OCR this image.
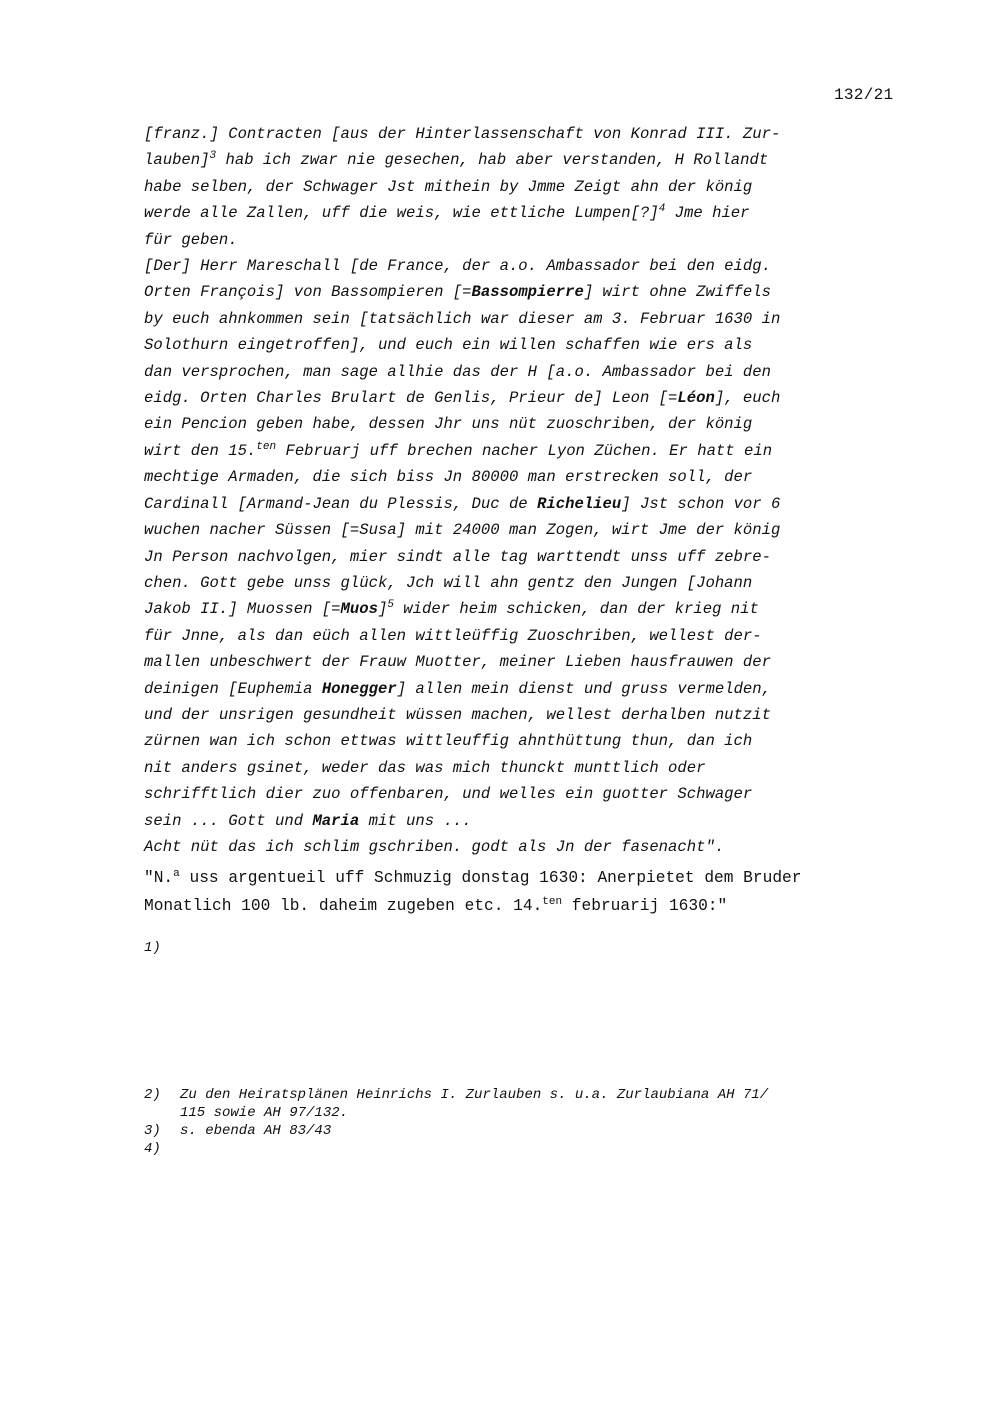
132/21
[franz.] Contracten [aus der Hinterlassenschaft von Konrad III. Zur-
lauben]$^3$ hab ich zwar nie gesechen, hab aber verstanden, H Rollandt
habe selben, der Schwager Jst mithein by Jmme Zeigt ahn der könig
werde alle Zallen, uff die weis, wie ettliche Lumpen[?]$^4$ Jme hier
für geben.
[Der] Herr Mareschall [de France, der a.o. Ambassador bei den eidg.
Orten François] von Bassompieren [=Bassompierre] wirt ohne Zwiffels
by euch ahnkommen sein [tatsächlich war dieser am 3. Februar 1630 in
Solothurn eingetroffen], und euch ein willen schaffen wie ers als
dan versprochen, man sage allhie das der H [a.o. Ambassador bei den
eidg. Orten Charles Brulart de Genlis, Prieur de] Leon [=Léon], euch
ein Pencion geben habe, dessen Jhr uns nüt zuoschriben, der könig
wirt den 15.$^{ten}$ Februarj uff brechen nacher Lyon Züchen. Er hatt ein
mechtige Armaden, die sich biss Jn 80000 man erstrecken soll, der
Cardinall [Armand-Jean du Plessis, Duc de Richelieu] Jst schon vor 6
wuchen nacher Süssen [=Susa] mit 24000 man Zogen, wirt Jme der könig
Jn Person nachvolgen, mier sindt alle tag warttendt unss uff zebre-
chen. Gott gebe unss glück, Jch will ahn gentz den Jungen [Johann
Jakob II.] Muossen [=Muos]$^5$ wider heim schicken, dan der krieg nit
für Jnne, als dan eüch allen wittleüffig Zuoschriben, wellest der-
mallen unbeschwert der Frauw Muotter, meiner Lieben hausfrauwen der
deinigen [Euphemia Honegger] allen mein dienst und gruss vermelden,
und der unsrigen gesundheit wüssen machen, wellest derhalben nutzit
zürnen wan ich schon ettwas wittleuffig ahnthüttung thun, dan ich
nit anders gsinet, weder das was mich thunckt munttlich oder
schrifftlich dier zuo offenbaren, und welles ein guotter Schwager
sein ... Gott und Maria mit uns ...
Acht nüt das ich schlim gschriben. godt als Jn der fasenacht".
"N.$^a$ uss argentueil uff Schmuzig donstag 1630: Anerpietet dem Bruder
Monatlich 100 lb. daheim zugeben etc. 14.$^{ten}$ februarij 1630:"
1)
2)	Zu den Heiratsplänen Heinrichs I. Zurlauben s. u.a. Zurlaubiana AH 71/
115 sowie AH 97/132.
3)	s. ebenda AH 83/43
4)
